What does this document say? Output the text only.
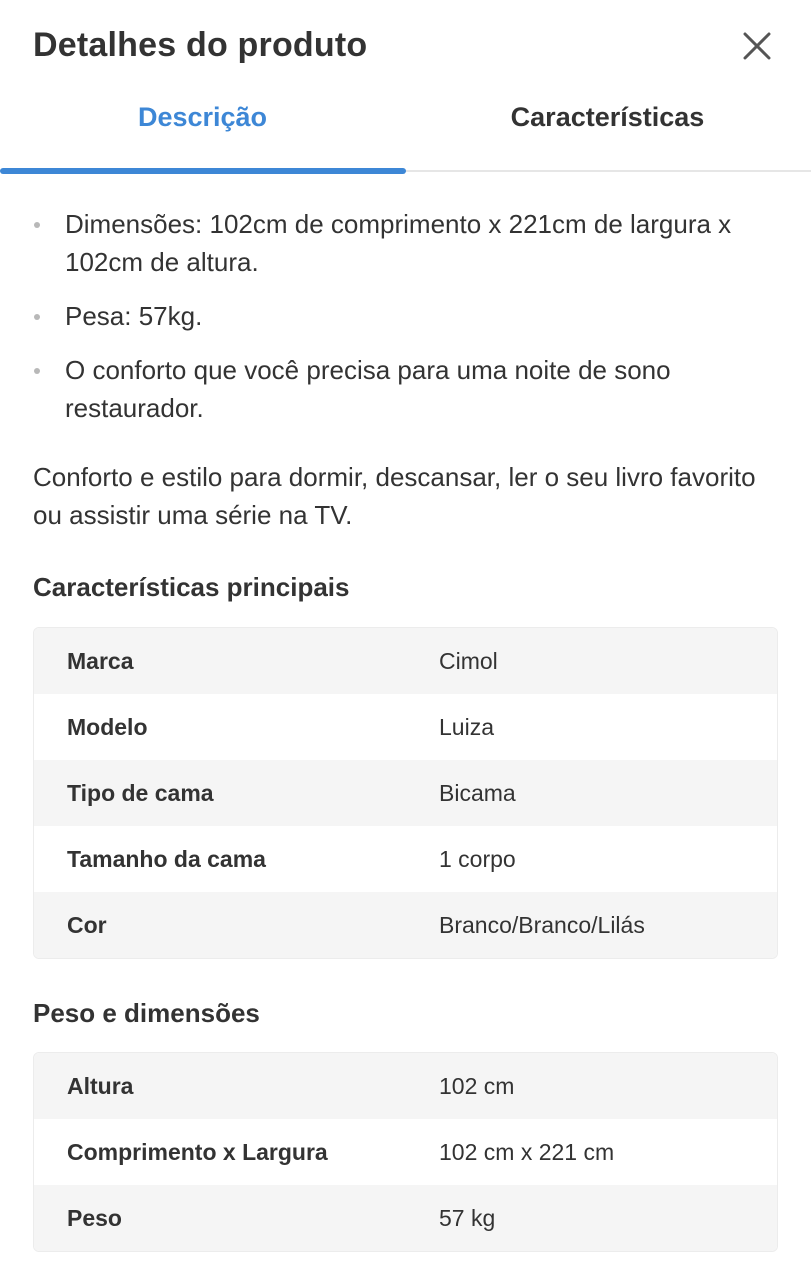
Detalhes do produto
Descrição	Características
Dimensões: 102cm de comprimento x 221cm de largura x 102cm de altura.
Pesa: 57kg.
O conforto que você precisa para uma noite de sono restaurador.
Conforto e estilo para dormir, descansar, ler o seu livro favorito ou assistir uma série na TV.
Características principais
Marca	Cimol
Modelo	Luiza
Tipo de cama	Bicama
Tamanho da cama	1 corpo
Cor	Branco/Branco/Lilás
Peso e dimensões
Altura	102 cm
Comprimento x Largura	102 cm x 221 cm
Peso	57 kg
